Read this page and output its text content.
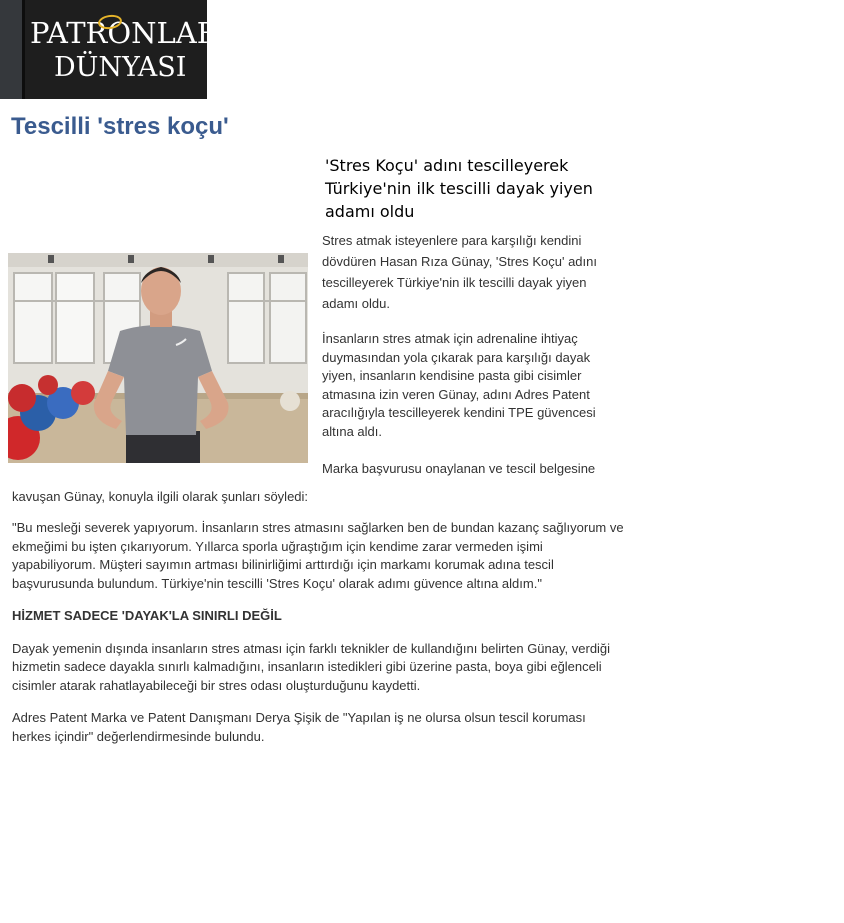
PATRONLAR
DÜNYASI
Tescilli 'stres koçu'
'Stres Koçu' adını tescilleyerek Türkiye'nin ilk tescilli dayak yiyen adamı oldu

Stres atmak isteyenlere para karşılığı kendini dövdüren Hasan Rıza Günay, 'Stres Koçu' adını tescilleyerek Türkiye'nin ilk tescilli dayak yiyen adamı oldu.

İnsanların stres atmak için adrenaline ihtiyaç duymasından yola çıkarak para karşılığı dayak yiyen, insanların kendisine pasta gibi cisimler atmasına izin veren Günay, adını Adres Patent aracılığıyla tescilleyerek kendini TPE güvencesi altına aldı.

Marka başvurusu onaylanan ve tescil belgesine kavuşan Günay, konuyla ilgili olarak şunları söyledi:

"Bu mesleği severek yapıyorum. İnsanların stres atmasını sağlarken ben de bundan kazanç sağlıyorum ve ekmeğimi bu işten çıkarıyorum. Yıllarca sporla uğraştığım için kendime zarar vermeden işimi yapabiliyorum. Müşteri sayımın artması bilinirliğimi arttırdığı için markamı korumak adına tescil başvurusunda bulundum. Türkiye'nin tescilli 'Stres Koçu' olarak adımı güvence altına aldım."

HİZMET SADECE 'DAYAK'LA SINIRLI DEĞİL

Dayak yemenin dışında insanların stres atması için farklı teknikler de kullandığını belirten Günay, verdiği hizmetin sadece dayakla sınırlı kalmadığını, insanların istedikleri gibi üzerine pasta, boya gibi eğlenceli cisimler atarak rahatlayabileceği bir stres odası oluşturduğunu kaydetti.

Adres Patent Marka ve Patent Danışmanı Derya Şişik de "Yapılan iş ne olursa olsun tescil koruması herkes içindir" değerlendirmesinde bulundu.
